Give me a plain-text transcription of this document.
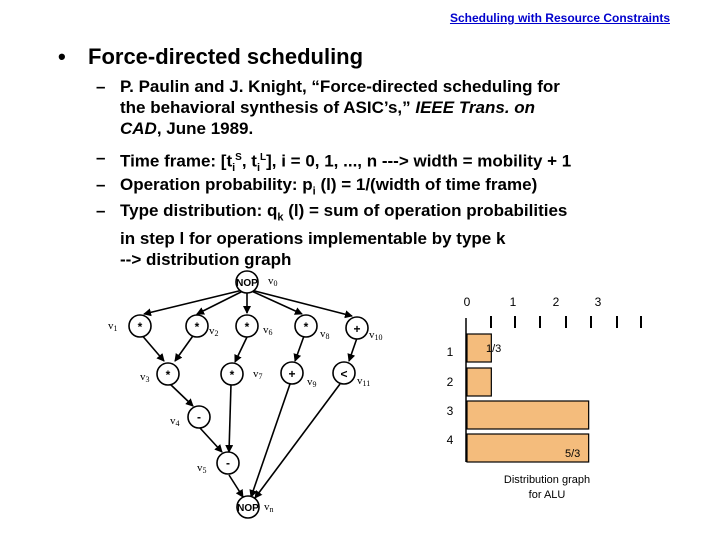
Scheduling with Resource Constraints
• Force-directed scheduling
– P. Paulin and J. Knight, “Force-directed scheduling for
the behavioral synthesis of ASIC’s,” IEEE Trans. on
CAD, June 1989.
– Time frame: [$t_i^S$, $t_i^L$], i = 0, 1, ..., n ---> width = mobility + 1
– Operation probability: $p_i$ (l) = 1/(width of time frame)
– Type distribution: $q_k$ (l) = sum of operation probabilities
in step l for operations implementable by type k
--> distribution graph
NOP v0
*
v1	* v2 * v6	* v8
+ v10
*
v3	* v7 +
v9
< v11
-
v4
-
v5
NOP vn
0	1	2	3
1
2
3
4
1/3
5/3
Distribution graph
for ALU
